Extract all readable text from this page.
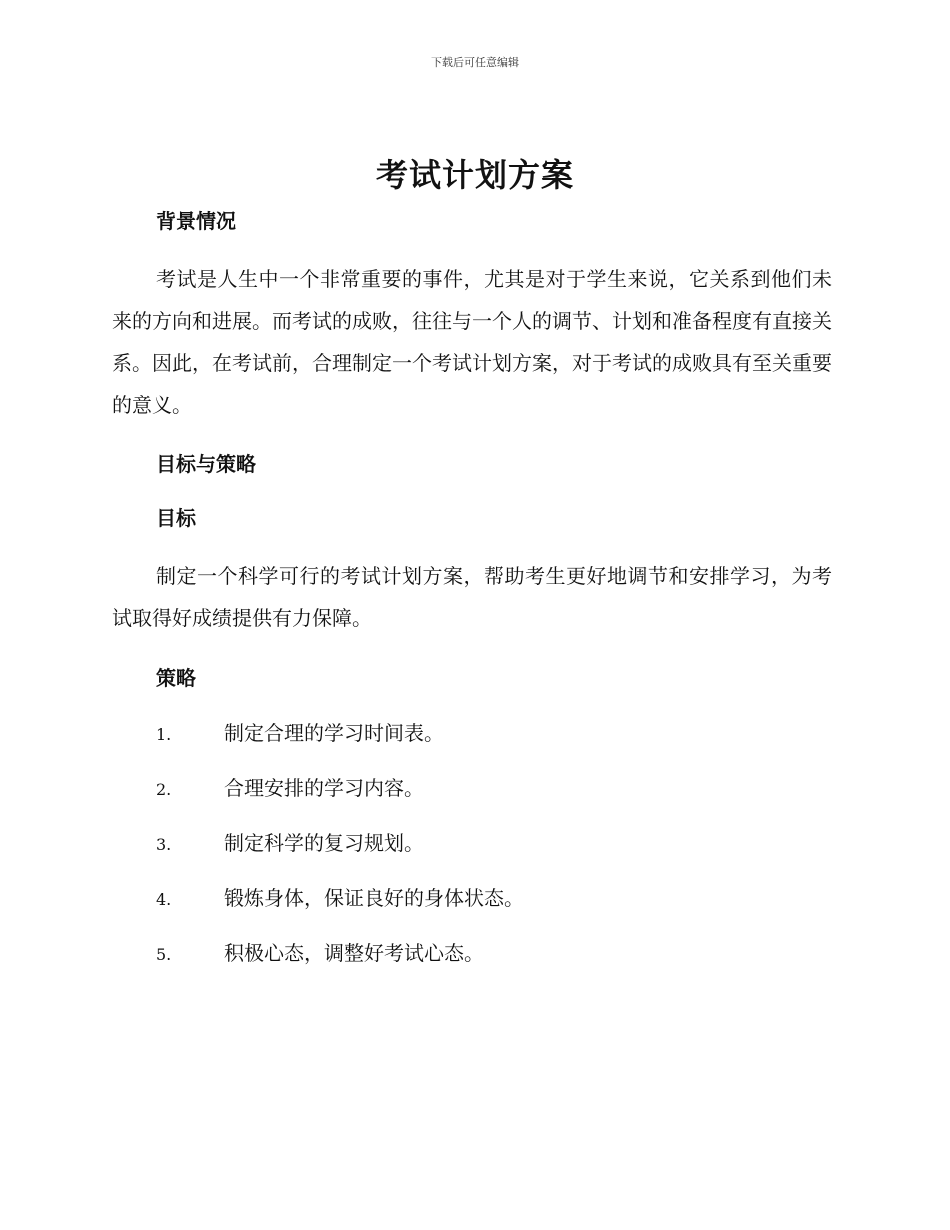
下载后可任意编辑
考试计划方案
背景情况

考试是人生中一个非常重要的事件，尤其是对于学生来说，它关系到他们未来的方向和进展。而考试的成败，往往与一个人的调节、计划和准备程度有直接关系。因此，在考试前，合理制定一个考试计划方案，对于考试的成败具有至关重要的意义。

目标与策略
目标

制定一个科学可行的考试计划方案，帮助考生更好地调节和安排学习，为考试取得好成绩提供有力保障。

策略
1.	制定合理的学习时间表。
2.	合理安排的学习内容。
3.	制定科学的复习规划。
4.	锻炼身体，保证良好的身体状态。
5.	积极心态，调整好考试心态。
